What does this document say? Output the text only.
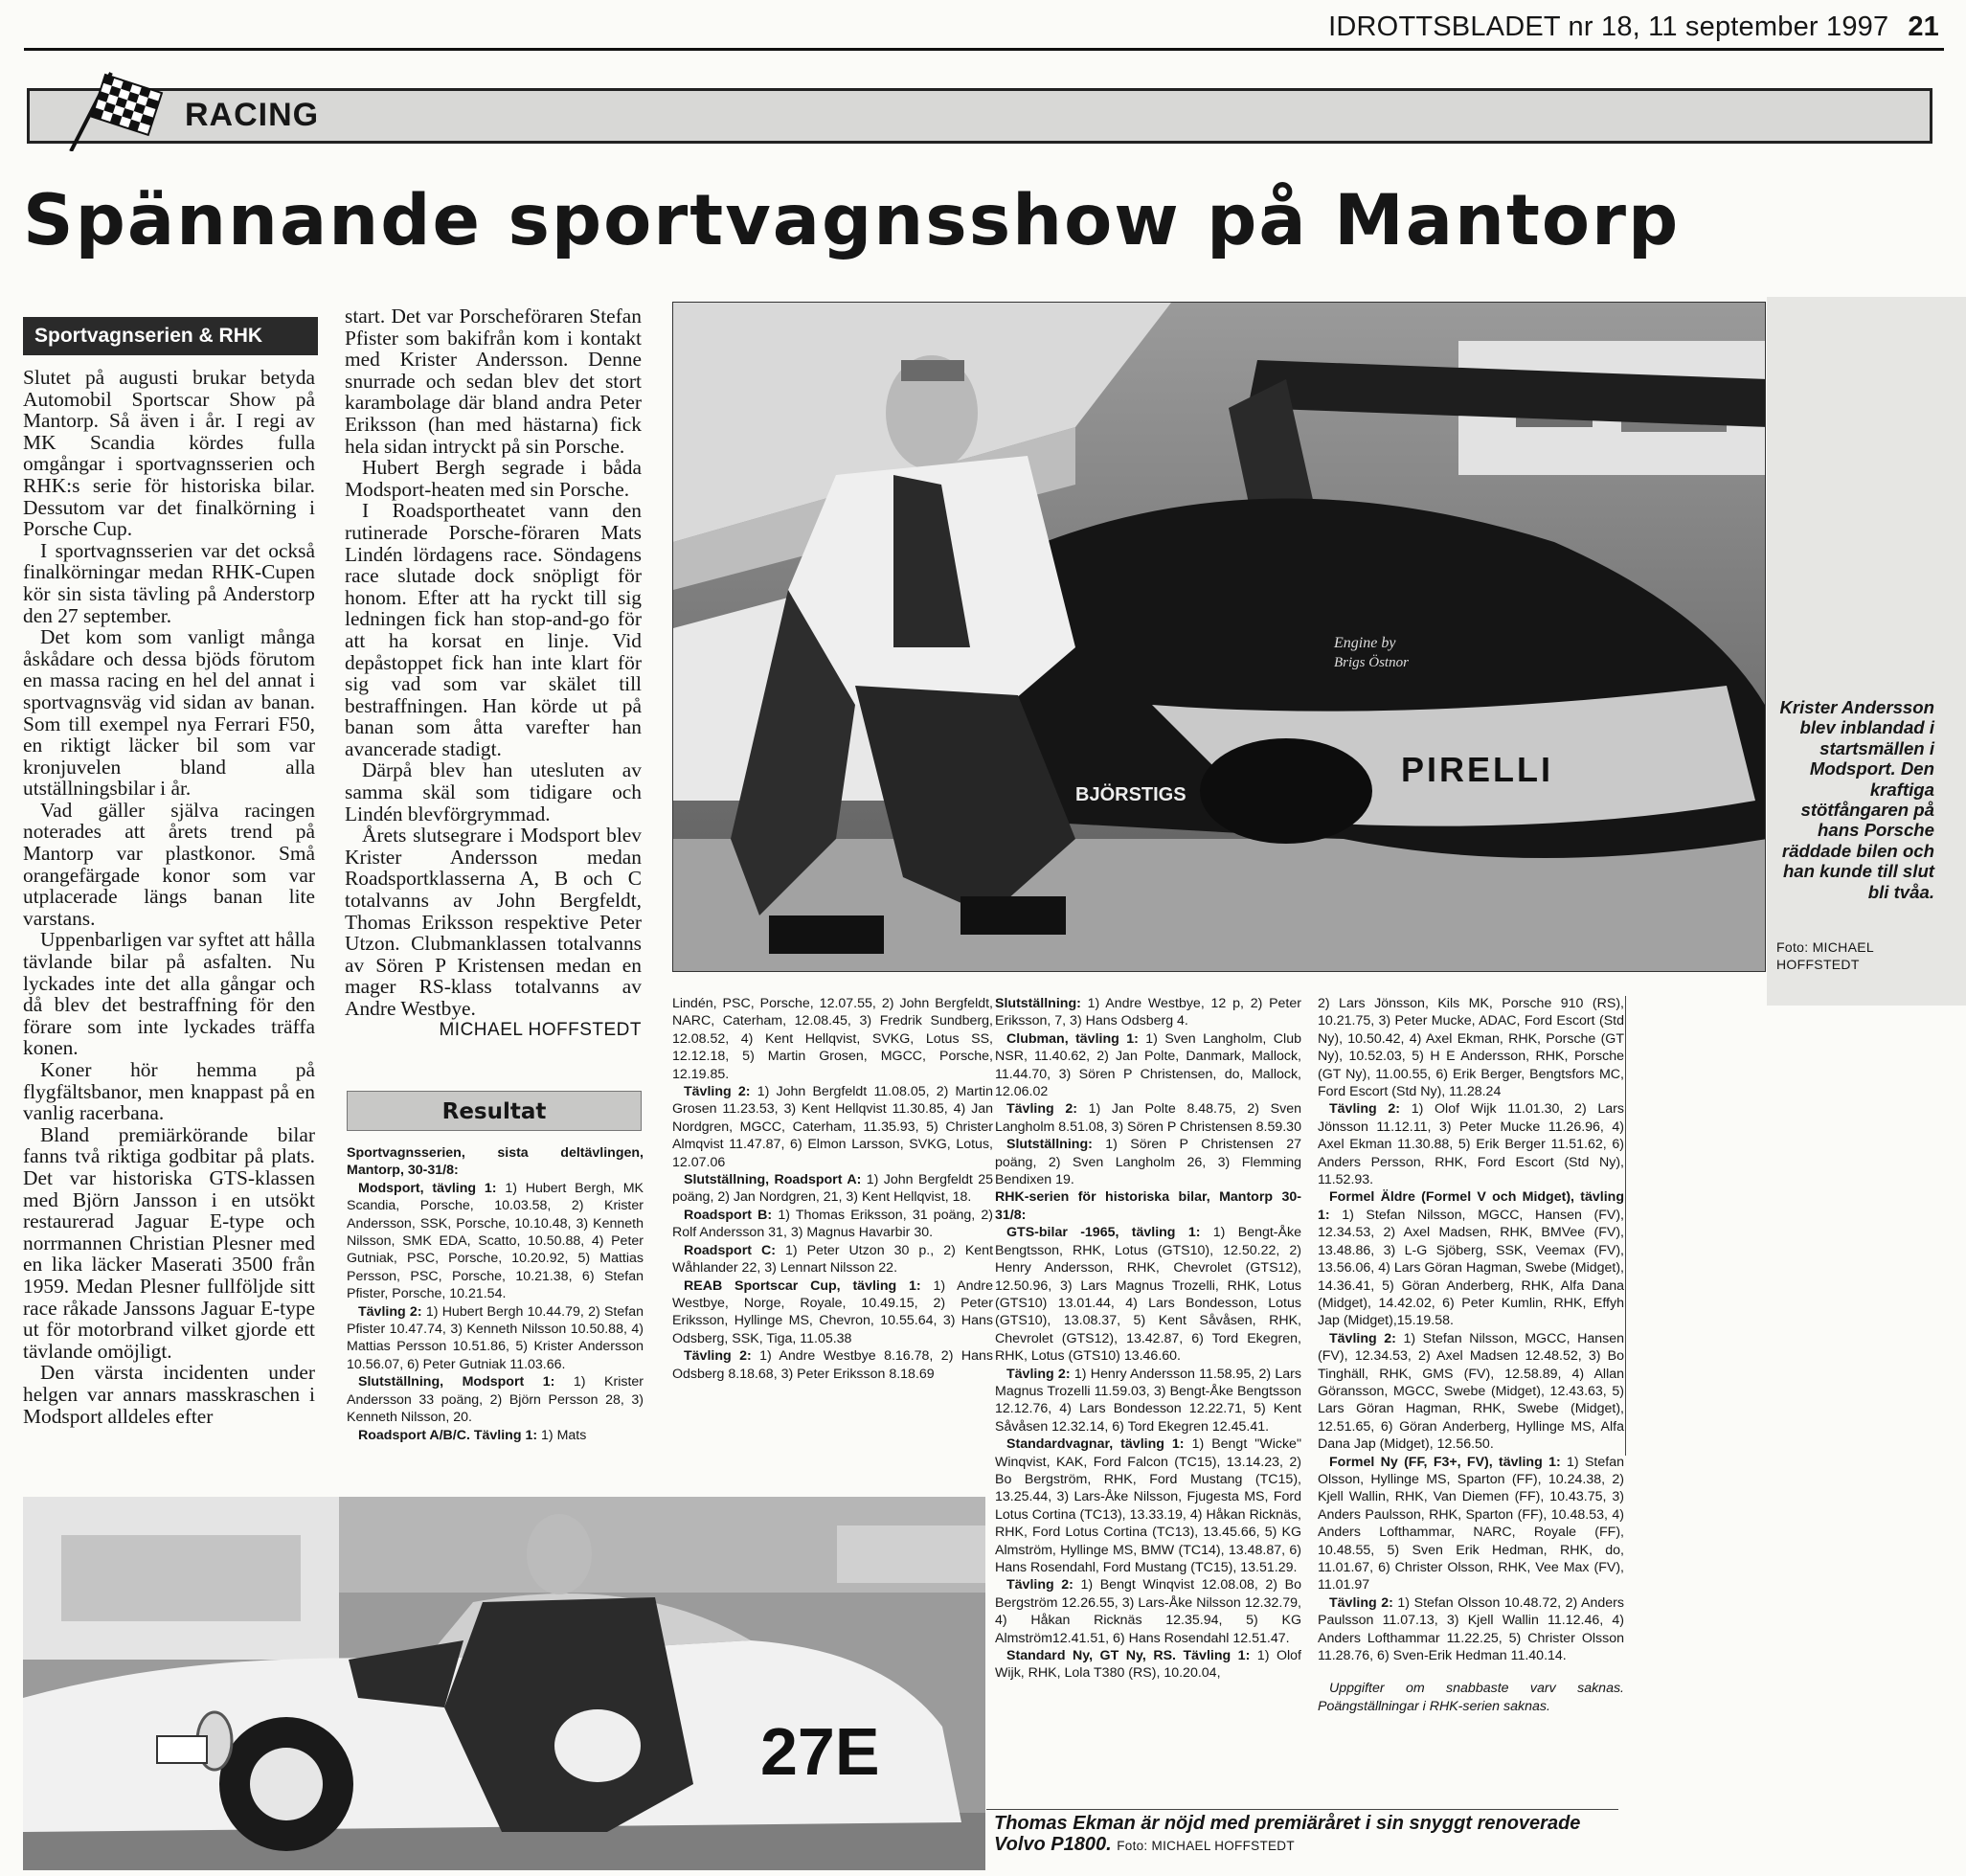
IDROTTSBLADET nr 18, 11 september 1997 21
RACING
Spännande sportvagnsshow på Mantorp
Sportvagnserien & RHK

Slutet på augusti brukar betyda Automobil Sportscar Show på Mantorp. Så även i år. I regi av MK Scandia kördes fulla omgångar i sportvagnsserien och RHK:s serie för historiska bilar. Dessutom var det finalkörning i Porsche Cup.

I sportvagnsserien var det också finalkörningar medan RHK-Cupen kör sin sista tävling på Anderstorp den 27 september.

Det kom som vanligt många åskådare och dessa bjöds förutom en massa racing en hel del annat i sportvagnsväg vid sidan av banan. Som till exempel nya Ferrari F50, en riktigt läcker bil som var kronjuvelen bland alla utställningsbilar i år.

Vad gäller själva racingen noterades att årets trend på Mantorp var plastkonor. Små orangefärgade konor som var utplacerade längs banan lite varstans.

Uppenbarligen var syftet att hålla tävlande bilar på asfalten. Nu lyckades inte det alla gångar och då blev det bestraffning för den förare som inte lyckades träffa konen.

Koner hör hemma på flygfältsbanor, men knappast på en vanlig racerbana.

Bland premiärkörande bilar fanns två riktiga godbitar på plats. Det var historiska GTS-klassen med Björn Jansson i en utsökt restaurerad Jaguar E-type och norrmannen Christian Plesner med en lika läcker Maserati 3500 från 1959. Medan Plesner fullföljde sitt race råkade Janssons Jaguar E-type ut för motorbrand vilket gjorde ett tävlande omöjligt.

Den värsta incidenten under helgen var annars masskraschen i Modsport alldeles efter

start. Det var Porscheföraren Stefan Pfister som bakifrån kom i kontakt med Krister Andersson. Denne snurrade och sedan blev det stort karambolage där bland andra Peter Eriksson (han med hästarna) fick hela sidan intryckt på sin Porsche.

Hubert Bergh segrade i båda Modsport-heaten med sin Porsche.

I Roadsportheatet vann den rutinerade Porsche-föraren Mats Lindén lördagens race. Söndagens race slutade dock snöpligt för honom. Efter att ha ryckt till sig ledningen fick han stop-and-go för att ha korsat en linje. Vid depåstoppet fick han inte klart för sig vad som var skälet till bestraffningen. Han körde ut på banan som åtta varefter han avancerade stadigt.

Därpå blev han utesluten av samma skäl som tidigare och Lindén blevförgrymmad.

Årets slutsegrare i Modsport blev Krister Andersson medan Roadsportklasserna A, B och C totalvanns av John Bergfeldt, Thomas Eriksson respektive Peter Utzon. Clubmanklassen totalvanns av Sören P Kristensen medan en mager RS-klass totalvanns av Andre Westbye.

MICHAEL HOFFSTEDT

PIRELLI
BJÖRSTIGS
Engine by
Brigs Östnor
Krister Andersson blev inblandad i startsmällen i Modsport. Den kraftiga stötfångaren på hans Porsche räddade bilen och han kunde till slut bli tvåa.
Foto: MICHAEL HOFFSTEDT
Resultat

Sportvagnsserien, sista deltävlingen, Mantorp, 30-31/8:

Modsport, tävling 1: 1) Hubert Bergh, MK Scandia, Porsche, 10.03.58, 2) Krister Andersson, SSK, Porsche, 10.10.48, 3) Kenneth Nilsson, SMK EDA, Scatto, 10.50.88, 4) Peter Gutniak, PSC, Porsche, 10.20.92, 5) Mattias Persson, PSC, Porsche, 10.21.38, 6) Stefan Pfister, Porsche, 10.21.54.

Tävling 2: 1) Hubert Bergh 10.44.79, 2) Stefan Pfister 10.47.74, 3) Kenneth Nilsson 10.50.88, 4) Mattias Persson 10.51.86, 5) Krister Andersson 10.56.07, 6) Peter Gutniak 11.03.66.

Slutställning, Modsport 1: 1) Krister Andersson 33 poäng, 2) Björn Persson 28, 3) Kenneth Nilsson, 20.

Roadsport A/B/C. Tävling 1: 1) Mats

Lindén, PSC, Porsche, 12.07.55, 2) John Bergfeldt, NARC, Caterham, 12.08.45, 3) Fredrik Sundberg, 12.08.52, 4) Kent Hellqvist, SVKG, Lotus SS, 12.12.18, 5) Martin Grosen, MGCC, Porsche, 12.19.85.

Tävling 2: 1) John Bergfeldt 11.08.05, 2) Martin Grosen 11.23.53, 3) Kent Hellqvist 11.30.85, 4) Jan Nordgren, MGCC, Caterham, 11.35.93, 5) Christer Almqvist 11.47.87, 6) Elmon Larsson, SVKG, Lotus, 12.07.06

Slutställning, Roadsport A: 1) John Bergfeldt 25 poäng, 2) Jan Nordgren, 21, 3) Kent Hellqvist, 18.

Roadsport B: 1) Thomas Eriksson, 31 poäng, 2) Rolf Andersson 31, 3) Magnus Havarbir 30.

Roadsport C: 1) Peter Utzon 30 p., 2) Kent Wåhlander 22, 3) Lennart Nilsson 22.

REAB Sportscar Cup, tävling 1: 1) Andre Westbye, Norge, Royale, 10.49.15, 2) Peter Eriksson, Hyllinge MS, Chevron, 10.55.64, 3) Hans Odsberg, SSK, Tiga, 11.05.38

Tävling 2: 1) Andre Westbye 8.16.78, 2) Hans Odsberg 8.18.68, 3) Peter Eriksson 8.18.69

Slutställning: 1) Andre Westbye, 12 p, 2) Peter Eriksson, 7, 3) Hans Odsberg 4.

Clubman, tävling 1: 1) Sven Langholm, Club NSR, 11.40.62, 2) Jan Polte, Danmark, Mallock, 11.44.70, 3) Sören P Christensen, do, Mallock, 12.06.02

Tävling 2: 1) Jan Polte 8.48.75, 2) Sven Langholm 8.51.08, 3) Sören P Christensen 8.59.30

Slutställning: 1) Sören P Christensen 27 poäng, 2) Sven Langholm 26, 3) Flemming Bendixen 19.

RHK-serien för historiska bilar, Mantorp 30-31/8:

GTS-bilar -1965, tävling 1: 1) Bengt-Åke Bengtsson, RHK, Lotus (GTS10), 12.50.22, 2) Henry Andersson, RHK, Chevrolet (GTS12), 12.50.96, 3) Lars Magnus Trozelli, RHK, Lotus (GTS10) 13.01.44, 4) Lars Bondesson, Lotus (GTS10), 13.08.37, 5) Kent Såvåsen, RHK, Chevrolet (GTS12), 13.42.87, 6) Tord Ekegren, RHK, Lotus (GTS10) 13.46.60.

Tävling 2: 1) Henry Andersson 11.58.95, 2) Lars Magnus Trozelli 11.59.03, 3) Bengt-Åke Bengtsson 12.12.76, 4) Lars Bondesson 12.22.71, 5) Kent Såvåsen 12.32.14, 6) Tord Ekegren 12.45.41.

Standardvagnar, tävling 1: 1) Bengt "Wicke" Winqvist, KAK, Ford Falcon (TC15), 13.14.23, 2) Bo Bergström, RHK, Ford Mustang (TC15), 13.25.44, 3) Lars-Åke Nilsson, Fjugesta MS, Ford Lotus Cortina (TC13), 13.33.19, 4) Håkan Ricknäs, RHK, Ford Lotus Cortina (TC13), 13.45.66, 5) KG Almström, Hyllinge MS, BMW (TC14), 13.48.87, 6) Hans Rosendahl, Ford Mustang (TC15), 13.51.29.

Tävling 2: 1) Bengt Winqvist 12.08.08, 2) Bo Bergström 12.26.55, 3) Lars-Åke Nilsson 12.32.79, 4) Håkan Ricknäs 12.35.94, 5) KG Almström12.41.51, 6) Hans Rosendahl 12.51.47.

Standard Ny, GT Ny, RS. Tävling 1: 1) Olof Wijk, RHK, Lola T380 (RS), 10.20.04,

2) Lars Jönsson, Kils MK, Porsche 910 (RS), 10.21.75, 3) Peter Mucke, ADAC, Ford Escort (Std Ny), 10.50.42, 4) Axel Ekman, RHK, Porsche (GT Ny), 10.52.03, 5) H E Andersson, RHK, Porsche (GT Ny), 11.00.55, 6) Erik Berger, Bengtsfors MC, Ford Escort (Std Ny), 11.28.24

Tävling 2: 1) Olof Wijk 11.01.30, 2) Lars Jönsson 11.12.11, 3) Peter Mucke 11.26.96, 4) Axel Ekman 11.30.88, 5) Erik Berger 11.51.62, 6) Anders Persson, RHK, Ford Escort (Std Ny), 11.52.93.

Formel Äldre (Formel V och Midget), tävling 1: 1) Stefan Nilsson, MGCC, Hansen (FV), 12.34.53, 2) Axel Madsen, RHK, BMVee (FV), 13.48.86, 3) L-G Sjöberg, SSK, Veemax (FV), 13.56.06, 4) Lars Göran Hagman, Swebe (Midget), 14.36.41, 5) Göran Anderberg, RHK, Alfa Dana (Midget), 14.42.02, 6) Peter Kumlin, RHK, Effyh Jap (Midget),15.19.58.

Tävling 2: 1) Stefan Nilsson, MGCC, Hansen (FV), 12.34.53, 2) Axel Madsen 12.48.52, 3) Bo Tinghäll, RHK, GMS (FV), 12.58.89, 4) Allan Göransson, MGCC, Swebe (Midget), 12.43.63, 5) Lars Göran Hagman, RHK, Swebe (Midget), 12.51.65, 6) Göran Anderberg, Hyllinge MS, Alfa Dana Jap (Midget), 12.56.50.

Formel Ny (FF, F3+, FV), tävling 1: 1) Stefan Olsson, Hyllinge MS, Sparton (FF), 10.24.38, 2) Kjell Wallin, RHK, Van Diemen (FF), 10.43.75, 3) Anders Paulsson, RHK, Sparton (FF), 10.48.53, 4) Anders Lofthammar, NARC, Royale (FF), 10.48.55, 5) Sven Erik Hedman, RHK, do, 11.01.67, 6) Christer Olsson, RHK, Vee Max (FV), 11.01.97

Tävling 2: 1) Stefan Olsson 10.48.72, 2) Anders Paulsson 11.07.13, 3) Kjell Wallin 11.12.46, 4) Anders Lofthammar 11.22.25, 5) Christer Olsson 11.28.76, 6) Sven-Erik Hedman 11.40.14.

Uppgifter om snabbaste varv saknas. Poängställningar i RHK-serien saknas.

27E
Thomas Ekman är nöjd med premiäråret i sin snyggt renoverade Volvo P1800. Foto: MICHAEL HOFFSTEDT
